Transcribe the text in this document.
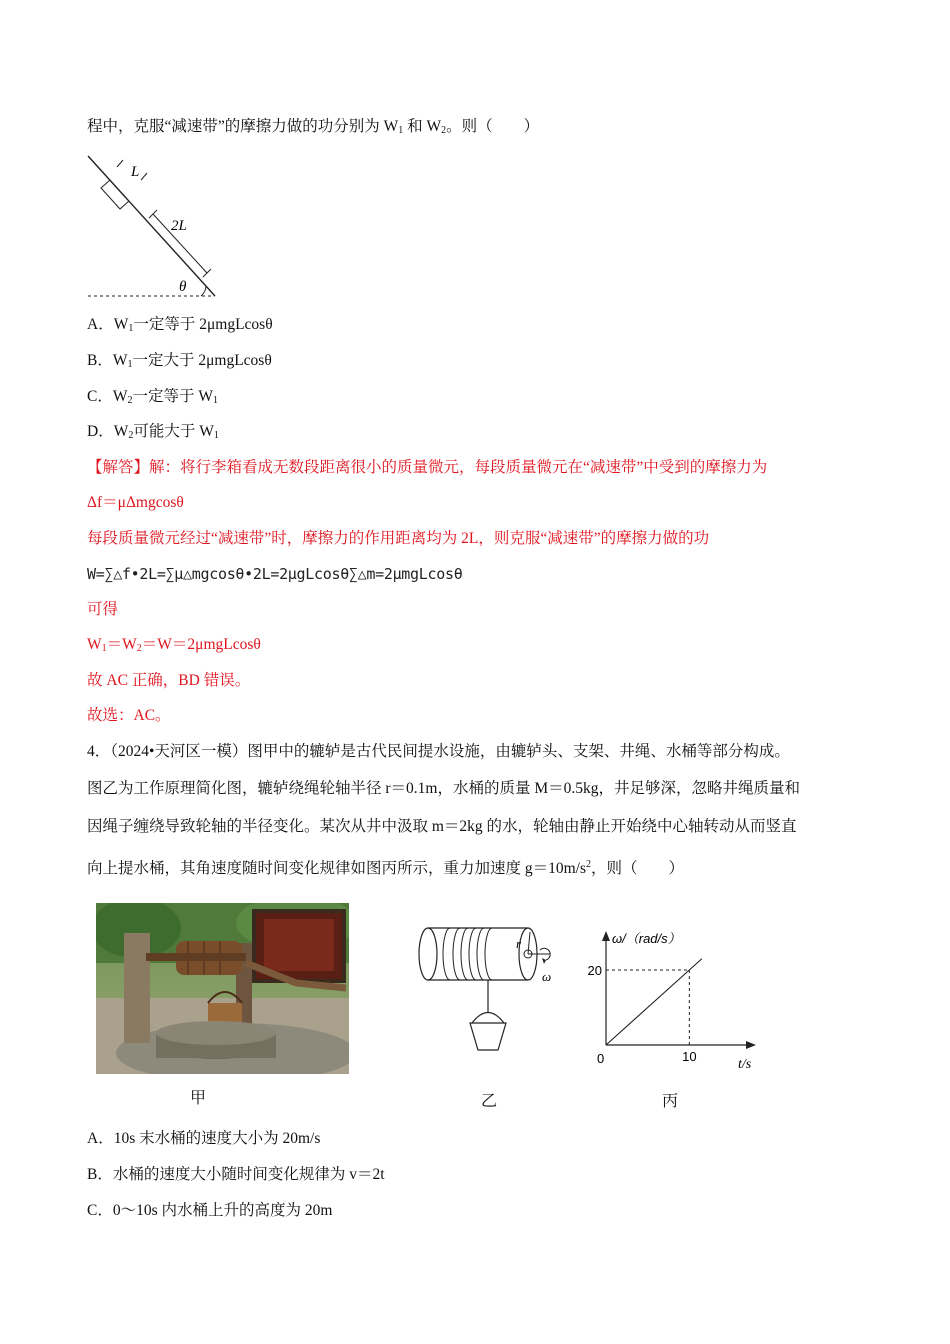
程中，克服“减速带”的摩擦力做的功分别为 $W_1$ 和 $W_2$。则（　　）
L
2L
θ
A．$W_1$一定等于 2μmgLcosθ
B．$W_1$一定大于 2μmgLcosθ
C．$W_2$一定等于 $W_1$
D．$W_2$可能大于 $W_1$
【解答】解：将行李箱看成无数段距离很小的质量微元，每段质量微元在“减速带”中受到的摩擦力为
Δf＝μΔmgcosθ
每段质量微元经过“减速带”时，摩擦力的作用距离均为 2L，则克服“减速带”的摩擦力做的功
W=∑△f•2L=∑μ△mgcosθ•2L=2μgLcosθ∑△m=2μmgLcosθ
可得
$W_1=W_2=W=2\mu mgLcos\theta$
故 AC 正确，BD 错误。
故选：AC。
4．（2024•天河区一模）图甲中的辘轳是古代民间提水设施，由辘轳头、支架、井绳、水桶等部分构成。
图乙为工作原理简化图，辘轳绕绳轮轴半径 r＝0.1m，水桶的质量 M＝0.5kg，井足够深，忽略井绳质量和
因绳子缠绕导致轮轴的半径变化。某次从井中汲取 m＝2kg 的水，轮轴由静止开始绕中心轴转动从而竖直
向上提水桶，其角速度随时间变化规律如图丙所示，重力加速度 $g=10m/s^2$，则（　　）
甲
r
ω
乙
ω/（rad/s）
t/s
0	10
20
丙
A．10s 末水桶的速度大小为 20m/s
B．水桶的速度大小随时间变化规律为 v＝2t
C．0～10s 内水桶上升的高度为 20m
